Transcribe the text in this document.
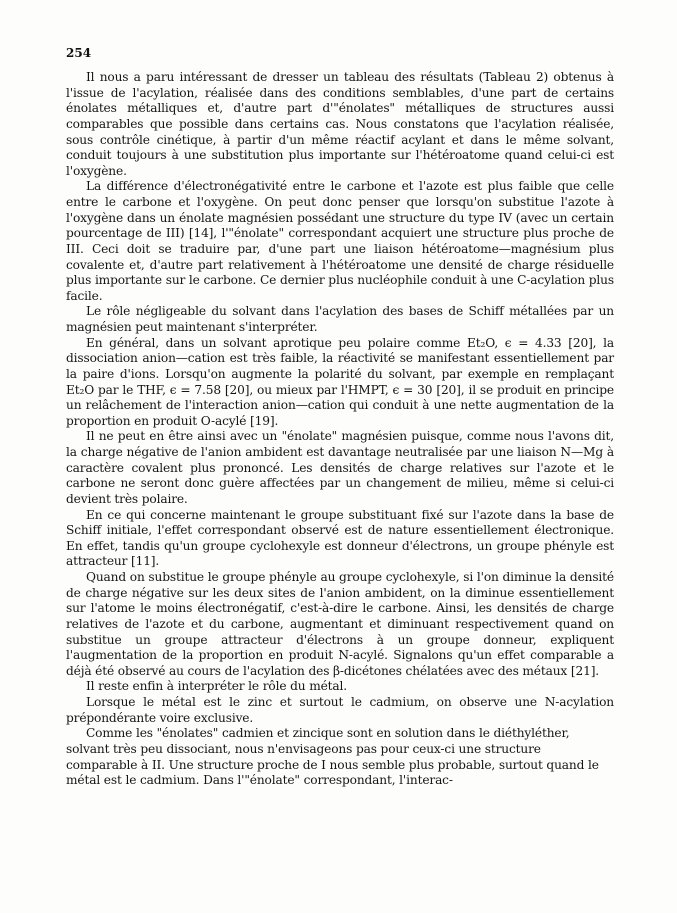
254

Il nous a paru intéressant de dresser un tableau des résultats (Tableau 2) obtenus à l'issue de l'acylation, réalisée dans des conditions semblables, d'une part de certains énolates métalliques et, d'autre part d'"énolates" métalliques de structures aussi comparables que possible dans certains cas. Nous constatons que l'acylation réalisée, sous contrôle cinétique, à partir d'un même réactif acylant et dans le même solvant, conduit toujours à une substitution plus importante sur l'hétéroatome quand celui-ci est l'oxygène.

La différence d'électronégativité entre le carbone et l'azote est plus faible que celle entre le carbone et l'oxygène. On peut donc penser que lorsqu'on substitue l'azote à l'oxygène dans un énolate magnésien possédant une structure du type IV (avec un certain pourcentage de III) [14], l'"énolate" correspondant acquiert une structure plus proche de III. Ceci doit se traduire par, d'une part une liaison hétéroatome—magnésium plus covalente et, d'autre part relativement à l'hétéroatome une densité de charge résiduelle plus importante sur le carbone. Ce dernier plus nucléophile conduit à une C-acylation plus facile.

Le rôle négligeable du solvant dans l'acylation des bases de Schiff métallées par un magnésien peut maintenant s'interpréter.

En général, dans un solvant aprotique peu polaire comme Et₂O, ϵ = 4.33 [20], la dissociation anion—cation est très faible, la réactivité se manifestant essentiellement par la paire d'ions. Lorsqu'on augmente la polarité du solvant, par exemple en remplaçant Et₂O par le THF, ϵ = 7.58 [20], ou mieux par l'HMPT, ϵ = 30 [20], il se produit en principe un relâchement de l'interaction anion—cation qui conduit à une nette augmentation de la proportion en produit O-acylé [19].

Il ne peut en être ainsi avec un "énolate" magnésien puisque, comme nous l'avons dit, la charge négative de l'anion ambident est davantage neutralisée par une liaison N—Mg à caractère covalent plus prononcé. Les densités de charge relatives sur l'azote et le carbone ne seront donc guère affectées par un changement de milieu, même si celui-ci devient très polaire.

En ce qui concerne maintenant le groupe substituant fixé sur l'azote dans la base de Schiff initiale, l'effet correspondant observé est de nature essentiellement électronique. En effet, tandis qu'un groupe cyclohexyle est donneur d'électrons, un groupe phényle est attracteur [11].

Quand on substitue le groupe phényle au groupe cyclohexyle, si l'on diminue la densité de charge négative sur les deux sites de l'anion ambident, on la diminue essentiellement sur l'atome le moins électronégatif, c'est-à-dire le carbone. Ainsi, les densités de charge relatives de l'azote et du carbone, augmentant et diminuant respectivement quand on substitue un groupe attracteur d'électrons à un groupe donneur, expliquent l'augmentation de la proportion en produit N-acylé. Signalons qu'un effet comparable a déjà été observé au cours de l'acylation des β-dicétones chélatées avec des métaux [21].

Il reste enfin à interpréter le rôle du métal.

Lorsque le métal est le zinc et surtout le cadmium, on observe une N-acylation prépondérante voire exclusive.

Comme les "énolates" cadmien et zincique sont en solution dans le diéthyléther, solvant très peu dissociant, nous n'envisageons pas pour ceux-ci une structure comparable à II. Une structure proche de I nous semble plus probable, surtout quand le métal est le cadmium. Dans l'"énolate" correspondant, l'interac-
